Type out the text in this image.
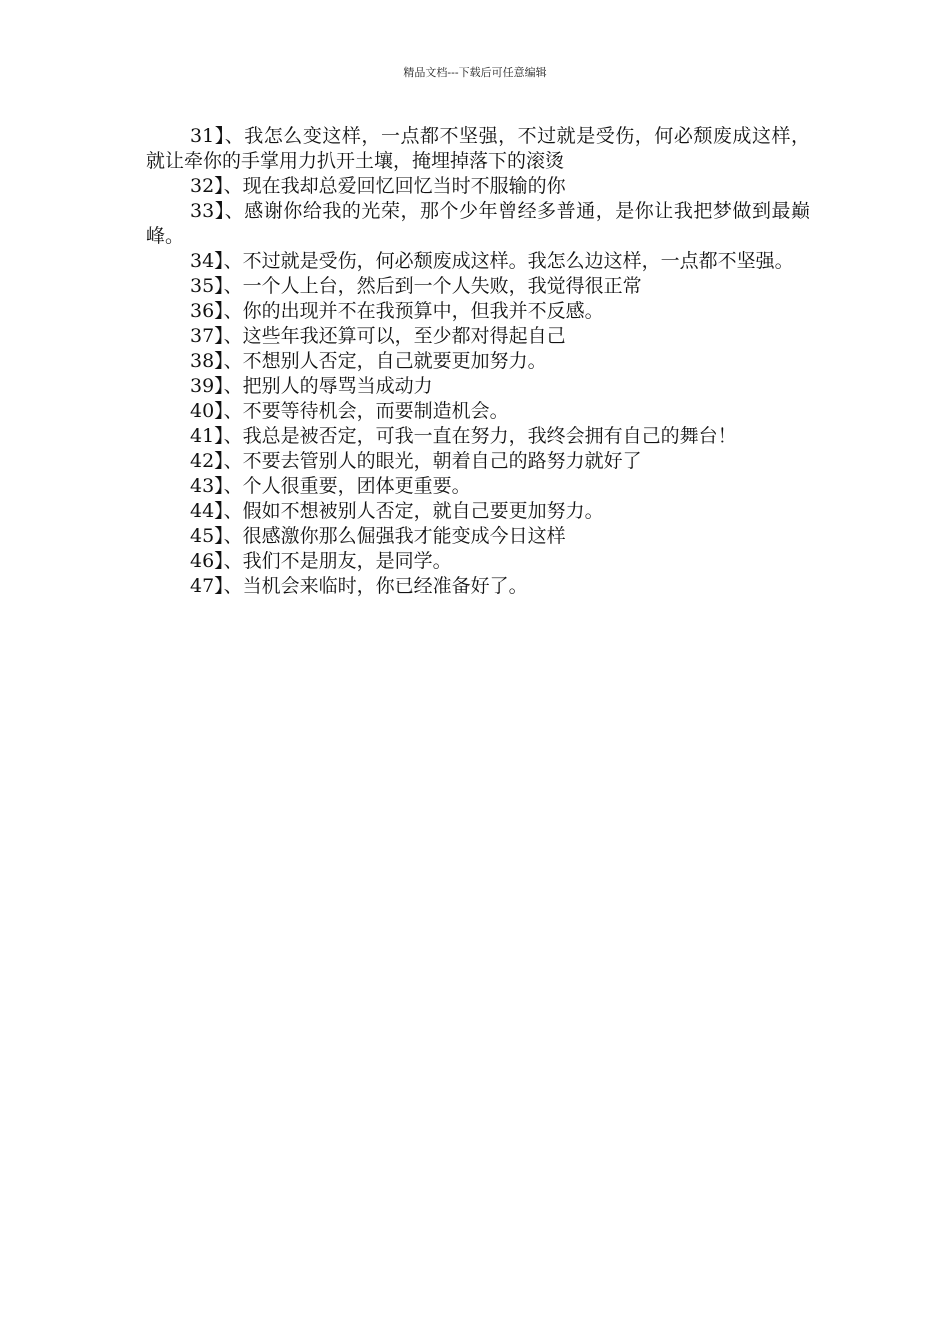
精品文档---下载后可任意编辑

31】、我怎么变这样，一点都不坚强，不过就是受伤，何必颓废成这样，就让牵你的手掌用力扒开土壤，掩埋掉落下的滚烫

32】、现在我却总爱回忆回忆当时不服输的你

33】、感谢你给我的光荣，那个少年曾经多普通，是你让我把梦做到最巅峰。

34】、不过就是受伤，何必颓废成这样。我怎么边这样，一点都不坚强。

35】、一个人上台，然后到一个人失败，我觉得很正常

36】、你的出现并不在我预算中，但我并不反感。

37】、这些年我还算可以，至少都对得起自己

38】、不想别人否定，自己就要更加努力。

39】、把别人的辱骂当成动力

40】、不要等待机会，而要制造机会。

41】、我总是被否定，可我一直在努力，我终会拥有自己的舞台！

42】、不要去管别人的眼光，朝着自己的路努力就好了

43】、个人很重要，团体更重要。

44】、假如不想被别人否定，就自己要更加努力。

45】、很感激你那么倔强我才能变成今日这样

46】、我们不是朋友，是同学。

47】、当机会来临时，你已经准备好了。
